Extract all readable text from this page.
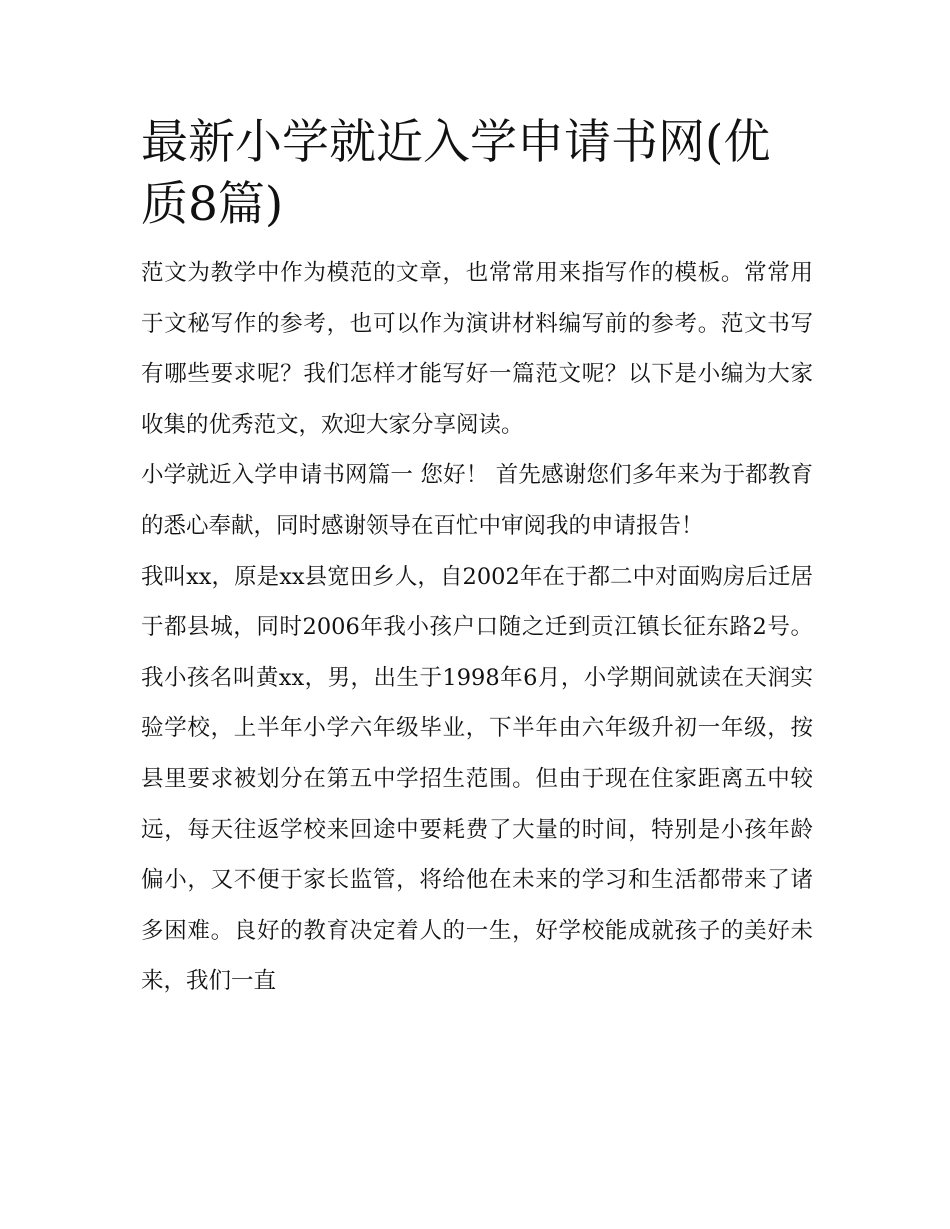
最新小学就近入学申请书网(优质8篇)

范文为教学中作为模范的文章，也常常用来指写作的模板。常常用于文秘写作的参考，也可以作为演讲材料编写前的参考。范文书写有哪些要求呢？我们怎样才能写好一篇范文呢？以下是小编为大家收集的优秀范文，欢迎大家分享阅读。

小学就近入学申请书网篇一 您好！ 首先感谢您们多年来为于都教育的悉心奉献，同时感谢领导在百忙中审阅我的申请报告！

我叫xx，原是xx县宽田乡人，自2002年在于都二中对面购房后迁居于都县城，同时2006年我小孩户口随之迁到贡江镇长征东路2号。我小孩名叫黄xx，男，出生于1998年6月，小学期间就读在天润实验学校，上半年小学六年级毕业，下半年由六年级升初一年级，按县里要求被划分在第五中学招生范围。但由于现在住家距离五中较远，每天往返学校来回途中要耗费了大量的时间，特别是小孩年龄偏小，又不便于家长监管，将给他在未来的学习和生活都带来了诸多困难。良好的教育决定着人的一生，好学校能成就孩子的美好未来，我们一直
